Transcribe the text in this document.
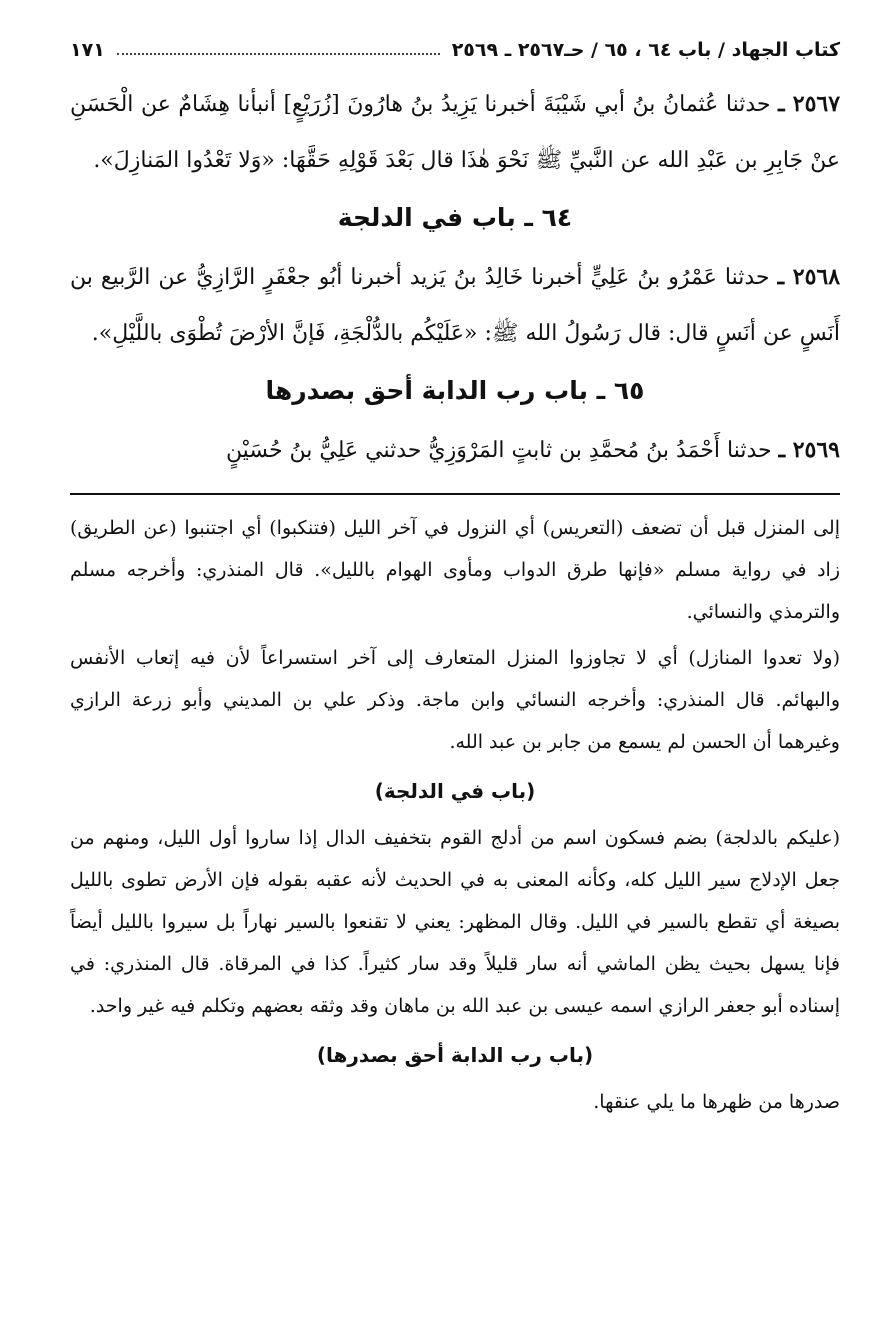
كتاب الجهاد / باب ٦٤ ، ٦٥ / حـ٢٥٦٧ ـ ٢٥٦٩
١٧١

٢٥٦٧ ـ حدثنا عُثمانُ بنُ أبي شَيْبَةَ أخبرنا يَزِيدُ بنُ هارُونَ [زُرَيْعٍ] أنبأنا هِشَامٌ عن الْحَسَنِ عنْ جَابِرِ بن عَبْدِ الله عن النَّبيِّ ﷺ نَحْوَ هٰذَا قال بَعْدَ قَوْلِهِ حَقَّهَا: «وَلا تَعْدُوا المَنازِلَ».

٦٤ ـ باب في الدلجة

٢٥٦٨ ـ حدثنا عَمْرُو بنُ عَلِيٍّ أخبرنا خَالِدُ بنُ يَزيد أخبرنا أبُو جعْفَرٍ الرَّازِيُّ عن الرَّبيع بن أَنَسٍ عن أنَسٍ قال: قال رَسُولُ الله ﷺ: «عَلَيْكُم بالدُّلْجَةِ، فَإنَّ الأرْضَ تُطْوَى باللَّيْلِ».

٦٥ ـ باب رب الدابة أحق بصدرها

٢٥٦٩ ـ حدثنا أَحْمَدُ بنُ مُحمَّدِ بن ثابتٍ المَرْوَزِيُّ حدثني عَلِيُّ بنُ حُسَيْنٍ

إلى المنزل قبل أن تضعف (التعريس) أي النزول في آخر الليل (فتنكبوا) أي اجتنبوا (عن الطريق) زاد في رواية مسلم «فإنها طرق الدواب ومأوى الهوام بالليل». قال المنذري: وأخرجه مسلم والترمذي والنسائي.

(ولا تعدوا المنازل) أي لا تجاوزوا المنزل المتعارف إلى آخر استسراعاً لأن فيه إتعاب الأنفس والبهائم. قال المنذري: وأخرجه النسائي وابن ماجة. وذكر علي بن المديني وأبو زرعة الرازي وغيرهما أن الحسن لم يسمع من جابر بن عبد الله.

(باب في الدلجة)

(عليكم بالدلجة) بضم فسكون اسم من أدلج القوم بتخفيف الدال إذا ساروا أول الليل، ومنهم من جعل الإدلاج سير الليل كله، وكأنه المعنى به في الحديث لأنه عقبه بقوله فإن الأرض تطوى بالليل بصيغة أي تقطع بالسير في الليل. وقال المظهر: يعني لا تقنعوا بالسير نهاراً بل سيروا بالليل أيضاً فإنا يسهل بحيث يظن الماشي أنه سار قليلاً وقد سار كثيراً. كذا في المرقاة. قال المنذري: في إسناده أبو جعفر الرازي اسمه عيسى بن عبد الله بن ماهان وقد وثقه بعضهم وتكلم فيه غير واحد.

(باب رب الدابة أحق بصدرها)

صدرها من ظهرها ما يلي عنقها.
